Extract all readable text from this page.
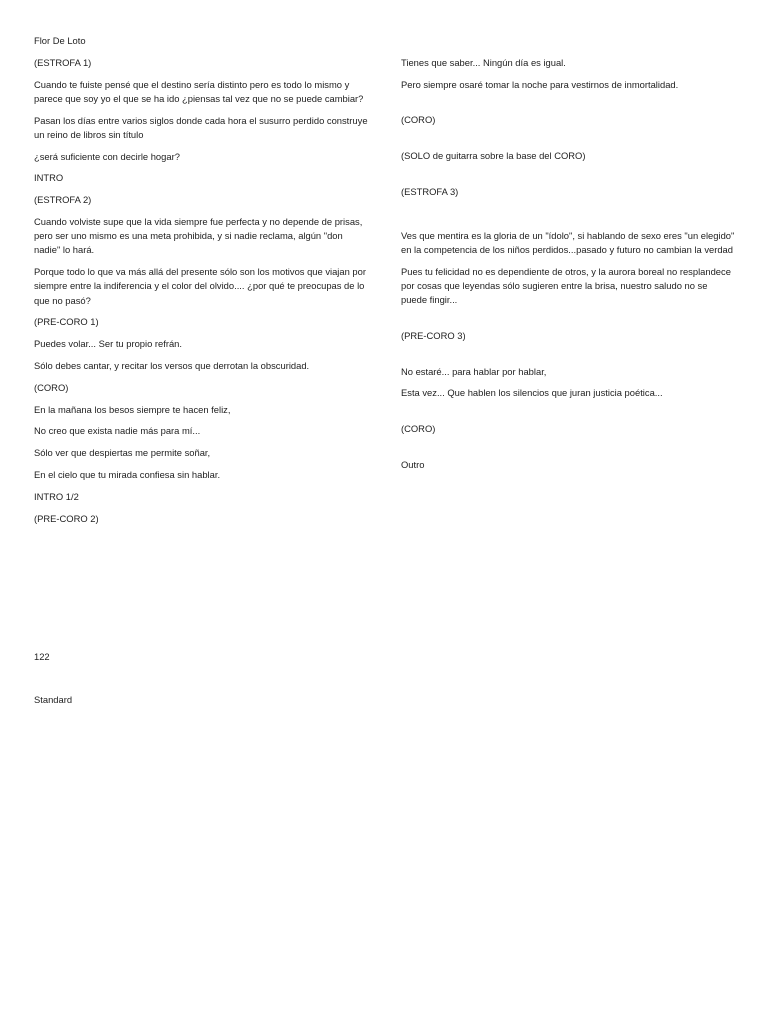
Flor De Loto

(ESTROFA 1)

Cuando te fuiste pensé que el destino sería distinto pero es todo lo mismo y parece que soy yo el que se ha ido ¿piensas tal vez que no se puede cambiar?

Pasan los días entre varios siglos donde cada hora el susurro perdido construye un reino de libros sin título

¿será suficiente con decirle hogar?

INTRO

(ESTROFA 2)

Cuando volviste supe que la vida siempre fue perfecta y no depende de prisas, pero ser uno mismo es una meta prohibida, y si nadie reclama, algún "don nadie" lo hará.

Porque todo lo que va más allá del presente sólo son los motivos que viajan por siempre entre la indiferencia y el color del olvido.... ¿por qué te preocupas de lo que no pasó?

(PRE-CORO 1)

Puedes volar... Ser tu propio refrán.

Sólo debes cantar, y recitar los versos que derrotan la obscuridad.

(CORO)

En la mañana los besos siempre te hacen feliz,

No creo que exista nadie más para mí...

Sólo ver que despiertas me permite soñar,

En el cielo que tu mirada confiesa sin hablar.

INTRO 1/2

(PRE-CORO 2)

Tienes que saber... Ningún día es igual.

Pero siempre osaré tomar la noche para vestirnos de inmortalidad.

(CORO)

(SOLO de guitarra sobre la base del CORO)

(ESTROFA 3)

Ves que mentira es la gloria de un "ídolo", si hablando de sexo eres "un elegido" en la competencia de los niños perdidos...pasado y futuro no cambian la verdad

Pues tu felicidad no es dependiente de otros, y la aurora boreal no resplandece por cosas que leyendas sólo sugieren entre la brisa, nuestro saludo no se puede fingir...

(PRE-CORO 3)

No estaré... para hablar por hablar,

Esta vez... Que hablen los silencios que juran justicia poética...

(CORO)

Outro

122

Standard
